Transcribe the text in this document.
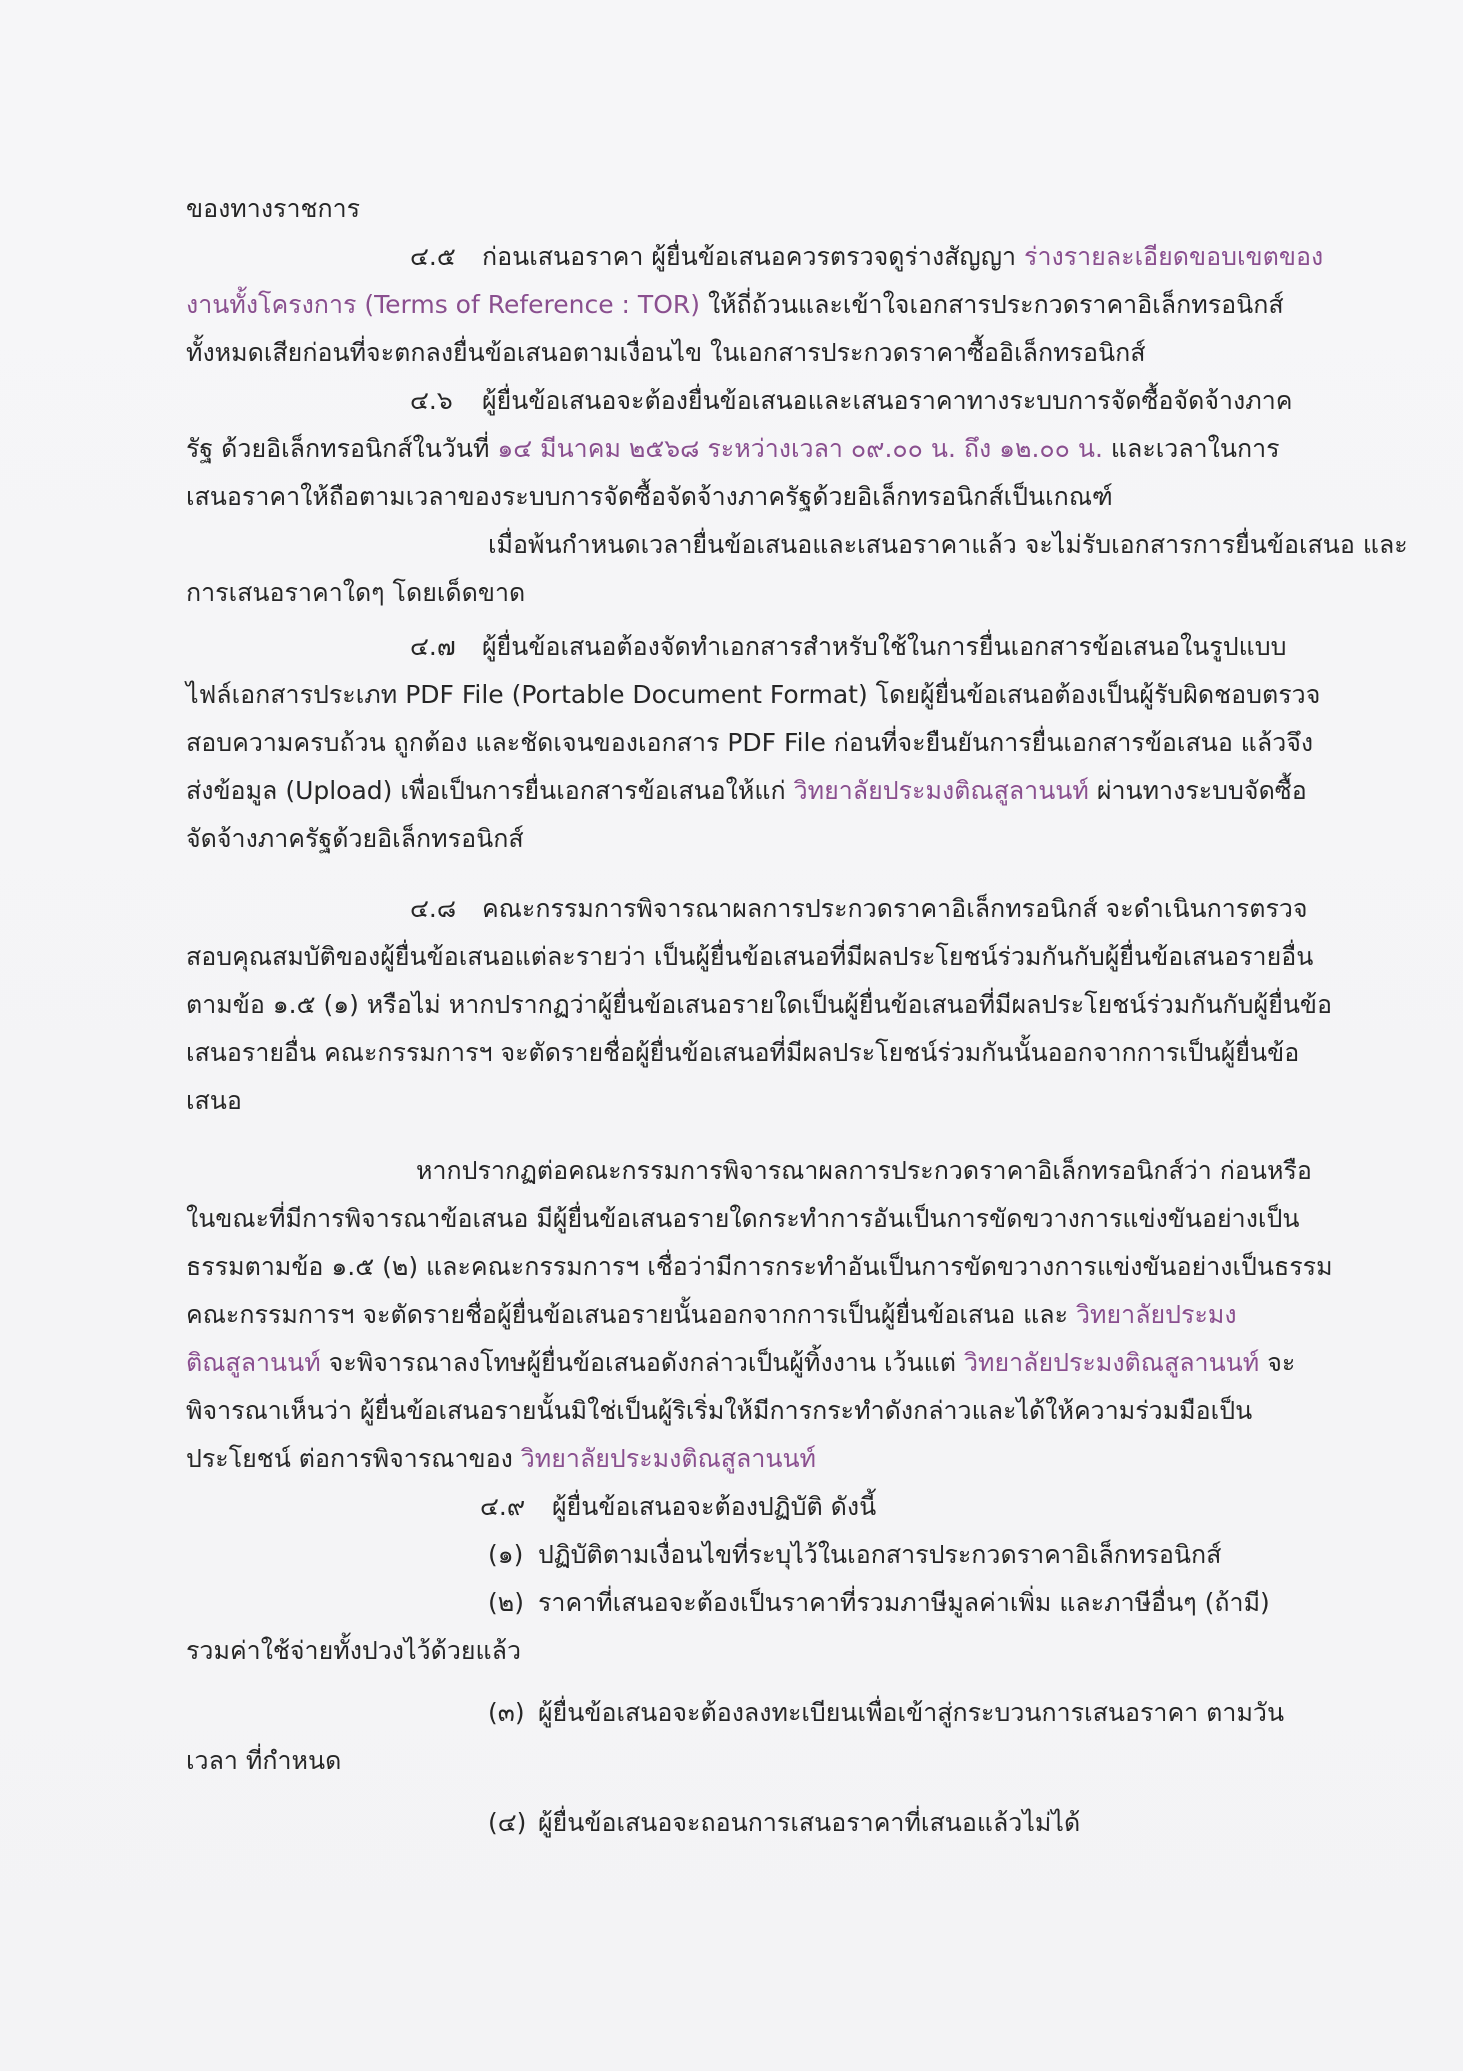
ของทางราชการ
๔.๕ ก่อนเสนอราคา ผู้ยื่นข้อเสนอควรตรวจดูร่างสัญญา ร่างรายละเอียดขอบเขตของ
งานทั้งโครงการ (Terms of Reference : TOR) ให้ถี่ถ้วนและเข้าใจเอกสารประกวดราคาอิเล็กทรอนิกส์
ทั้งหมดเสียก่อนที่จะตกลงยื่นข้อเสนอตามเงื่อนไข ในเอกสารประกวดราคาซื้ออิเล็กทรอนิกส์
๔.๖ ผู้ยื่นข้อเสนอจะต้องยื่นข้อเสนอและเสนอราคาทางระบบการจัดซื้อจัดจ้างภาค
รัฐ ด้วยอิเล็กทรอนิกส์ในวันที่ ๑๔ มีนาคม ๒๕๖๘ ระหว่างเวลา ๐๙.๐๐ น. ถึง ๑๒.๐๐ น. และเวลาในการ
เสนอราคาให้ถือตามเวลาของระบบการจัดซื้อจัดจ้างภาครัฐด้วยอิเล็กทรอนิกส์เป็นเกณฑ์
เมื่อพ้นกำหนดเวลายื่นข้อเสนอและเสนอราคาแล้ว จะไม่รับเอกสารการยื่นข้อเสนอ และ
การเสนอราคาใดๆ โดยเด็ดขาด
๔.๗ ผู้ยื่นข้อเสนอต้องจัดทำเอกสารสำหรับใช้ในการยื่นเอกสารข้อเสนอในรูปแบบ
ไฟล์เอกสารประเภท PDF File (Portable Document Format) โดยผู้ยื่นข้อเสนอต้องเป็นผู้รับผิดชอบตรวจ
สอบความครบถ้วน ถูกต้อง และชัดเจนของเอกสาร PDF File ก่อนที่จะยืนยันการยื่นเอกสารข้อเสนอ แล้วจึง
ส่งข้อมูล (Upload) เพื่อเป็นการยื่นเอกสารข้อเสนอให้แก่ วิทยาลัยประมงติณสูลานนท์ ผ่านทางระบบจัดซื้อ
จัดจ้างภาครัฐด้วยอิเล็กทรอนิกส์
๔.๘ คณะกรรมการพิจารณาผลการประกวดราคาอิเล็กทรอนิกส์ จะดำเนินการตรวจ
สอบคุณสมบัติของผู้ยื่นข้อเสนอแต่ละรายว่า เป็นผู้ยื่นข้อเสนอที่มีผลประโยชน์ร่วมกันกับผู้ยื่นข้อเสนอรายอื่น
ตามข้อ ๑.๕ (๑) หรือไม่ หากปรากฏว่าผู้ยื่นข้อเสนอรายใดเป็นผู้ยื่นข้อเสนอที่มีผลประโยชน์ร่วมกันกับผู้ยื่นข้อ
เสนอรายอื่น คณะกรรมการฯ จะตัดรายชื่อผู้ยื่นข้อเสนอที่มีผลประโยชน์ร่วมกันนั้นออกจากการเป็นผู้ยื่นข้อ
เสนอ
หากปรากฏต่อคณะกรรมการพิจารณาผลการประกวดราคาอิเล็กทรอนิกส์ว่า ก่อนหรือ
ในขณะที่มีการพิจารณาข้อเสนอ มีผู้ยื่นข้อเสนอรายใดกระทำการอันเป็นการขัดขวางการแข่งขันอย่างเป็น
ธรรมตามข้อ ๑.๕ (๒) และคณะกรรมการฯ เชื่อว่ามีการกระทำอันเป็นการขัดขวางการแข่งขันอย่างเป็นธรรม
คณะกรรมการฯ จะตัดรายชื่อผู้ยื่นข้อเสนอรายนั้นออกจากการเป็นผู้ยื่นข้อเสนอ และ วิทยาลัยประมง
ติณสูลานนท์ จะพิจารณาลงโทษผู้ยื่นข้อเสนอดังกล่าวเป็นผู้ทิ้งงาน เว้นแต่ วิทยาลัยประมงติณสูลานนท์ จะ
พิจารณาเห็นว่า ผู้ยื่นข้อเสนอรายนั้นมิใช่เป็นผู้ริเริ่มให้มีการกระทำดังกล่าวและได้ให้ความร่วมมือเป็น
ประโยชน์ ต่อการพิจารณาของ วิทยาลัยประมงติณสูลานนท์
๔.๙ ผู้ยื่นข้อเสนอจะต้องปฏิบัติ ดังนี้
(๑) ปฏิบัติตามเงื่อนไขที่ระบุไว้ในเอกสารประกวดราคาอิเล็กทรอนิกส์
(๒) ราคาที่เสนอจะต้องเป็นราคาที่รวมภาษีมูลค่าเพิ่ม และภาษีอื่นๆ (ถ้ามี)
รวมค่าใช้จ่ายทั้งปวงไว้ด้วยแล้ว
(๓) ผู้ยื่นข้อเสนอจะต้องลงทะเบียนเพื่อเข้าสู่กระบวนการเสนอราคา ตามวัน
เวลา ที่กำหนด
(๔) ผู้ยื่นข้อเสนอจะถอนการเสนอราคาที่เสนอแล้วไม่ได้
